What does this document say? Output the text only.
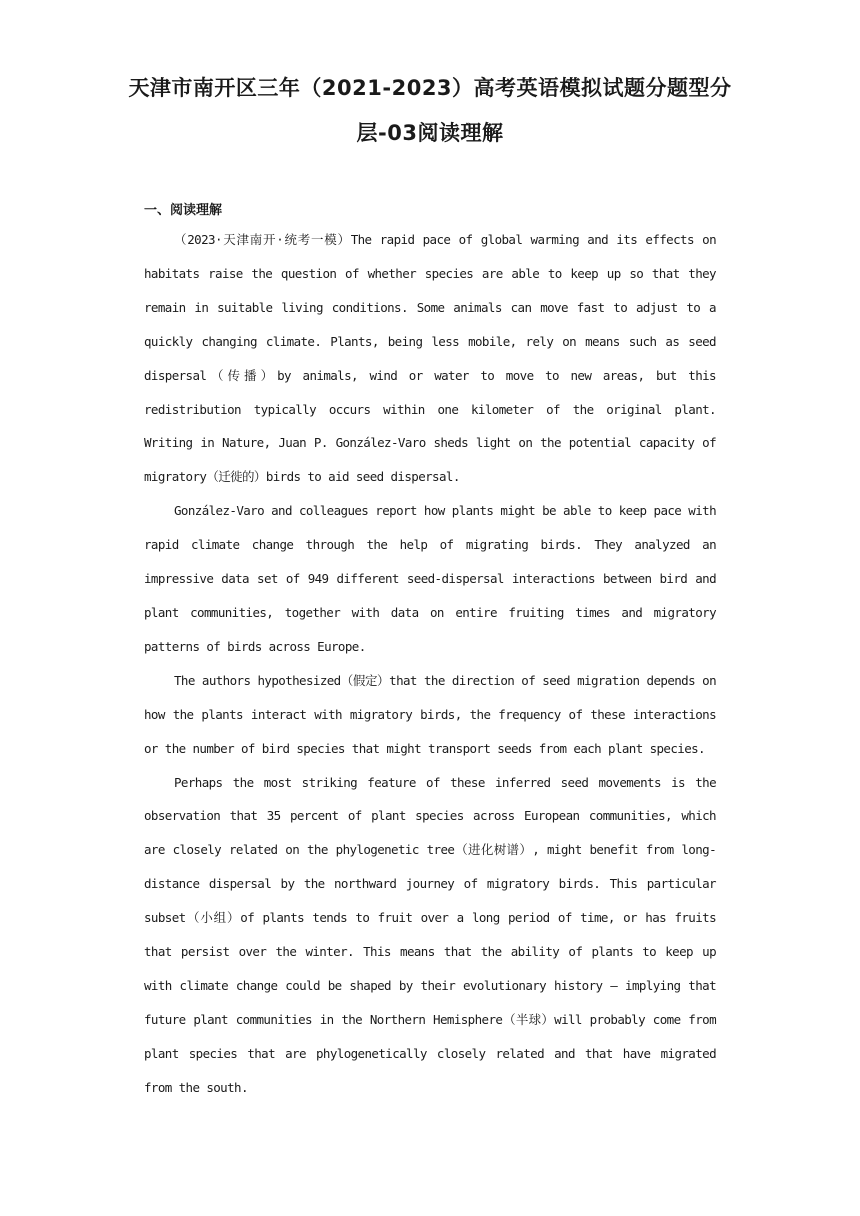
天津市南开区三年（2021-2023）高考英语模拟试题分题型分层-03阅读理解
一、阅读理解

（2023·天津南开·统考一模）The rapid pace of global warming and its effects on habitats raise the question of whether species are able to keep up so that they remain in suitable living conditions. Some animals can move fast to adjust to a quickly changing climate. Plants, being less mobile, rely on means such as seed dispersal（传播）by animals, wind or water to move to new areas, but this redistribution typically occurs within one kilometer of the original plant. Writing in Nature, Juan P. González-Varo sheds light on the potential capacity of migratory（迁徙的）birds to aid seed dispersal.

González-Varo and colleagues report how plants might be able to keep pace with rapid climate change through the help of migrating birds. They analyzed an impressive data set of 949 different seed-dispersal interactions between bird and plant communities, together with data on entire fruiting times and migratory patterns of birds across Europe.

The authors hypothesized（假定）that the direction of seed migration depends on how the plants interact with migratory birds, the frequency of these interactions or the number of bird species that might transport seeds from each plant species.

Perhaps the most striking feature of these inferred seed movements is the observation that 35 percent of plant species across European communities, which are closely related on the phylogenetic tree（进化树谱）, might benefit from long-distance dispersal by the northward journey of migratory birds. This particular subset（小组）of plants tends to fruit over a long period of time, or has fruits that persist over the winter. This means that the ability of plants to keep up with climate change could be shaped by their evolutionary history – implying that future plant communities in the Northern Hemisphere（半球）will probably come from plant species that are phylogenetically closely related and that have migrated from the south.
